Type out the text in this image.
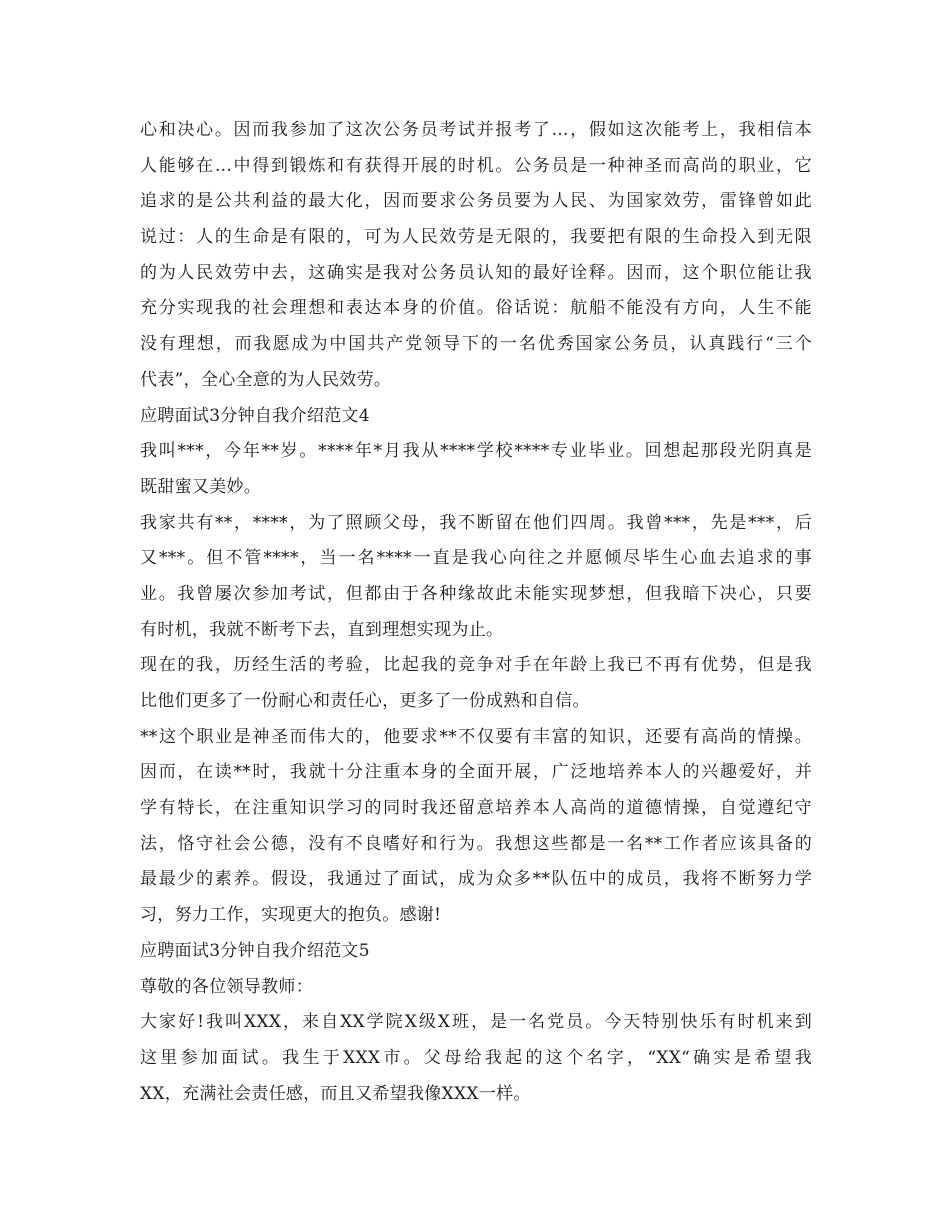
心和决心。因而我参加了这次公务员考试并报考了…，假如这次能考上，我相信本
人能够在…中得到锻炼和有获得开展的时机。公务员是一种神圣而高尚的职业，它
追求的是公共利益的最大化，因而要求公务员要为人民、为国家效劳，雷锋曾如此
说过：人的生命是有限的，可为人民效劳是无限的，我要把有限的生命投入到无限
的为人民效劳中去，这确实是我对公务员认知的最好诠释。因而，这个职位能让我
充分实现我的社会理想和表达本身的价值。俗话说：航船不能没有方向，人生不能
没有理想，而我愿成为中国共产党领导下的一名优秀国家公务员，认真践行“三个
代表”，全心全意的为人民效劳。
应聘面试3分钟自我介绍范文4
我叫***，今年**岁。****年*月我从****学校****专业毕业。回想起那段光阴真是
既甜蜜又美妙。
我家共有**，****，为了照顾父母，我不断留在他们四周。我曾***，先是***，后
又***。但不管****，当一名****一直是我心向往之并愿倾尽毕生心血去追求的事
业。我曾屡次参加考试，但都由于各种缘故此未能实现梦想，但我暗下决心，只要
有时机，我就不断考下去，直到理想实现为止。
现在的我，历经生活的考验，比起我的竞争对手在年龄上我已不再有优势，但是我
比他们更多了一份耐心和责任心，更多了一份成熟和自信。
**这个职业是神圣而伟大的，他要求**不仅要有丰富的知识，还要有高尚的情操。
因而，在读**时，我就十分注重本身的全面开展，广泛地培养本人的兴趣爱好，并
学有特长，在注重知识学习的同时我还留意培养本人高尚的道德情操，自觉遵纪守
法，恪守社会公德，没有不良嗜好和行为。我想这些都是一名**工作者应该具备的
最最少的素养。假设，我通过了面试，成为众多**队伍中的成员，我将不断努力学
习，努力工作，实现更大的抱负。感谢!
应聘面试3分钟自我介绍范文5
尊敬的各位领导教师：
大家好!我叫XXX，来自XX学院X级X班，是一名党员。今天特别快乐有时机来到
这里参加面试。我生于XXX市。父母给我起的这个名字，“XX“确实是希望我
XX，充满社会责任感，而且又希望我像XXX一样。
